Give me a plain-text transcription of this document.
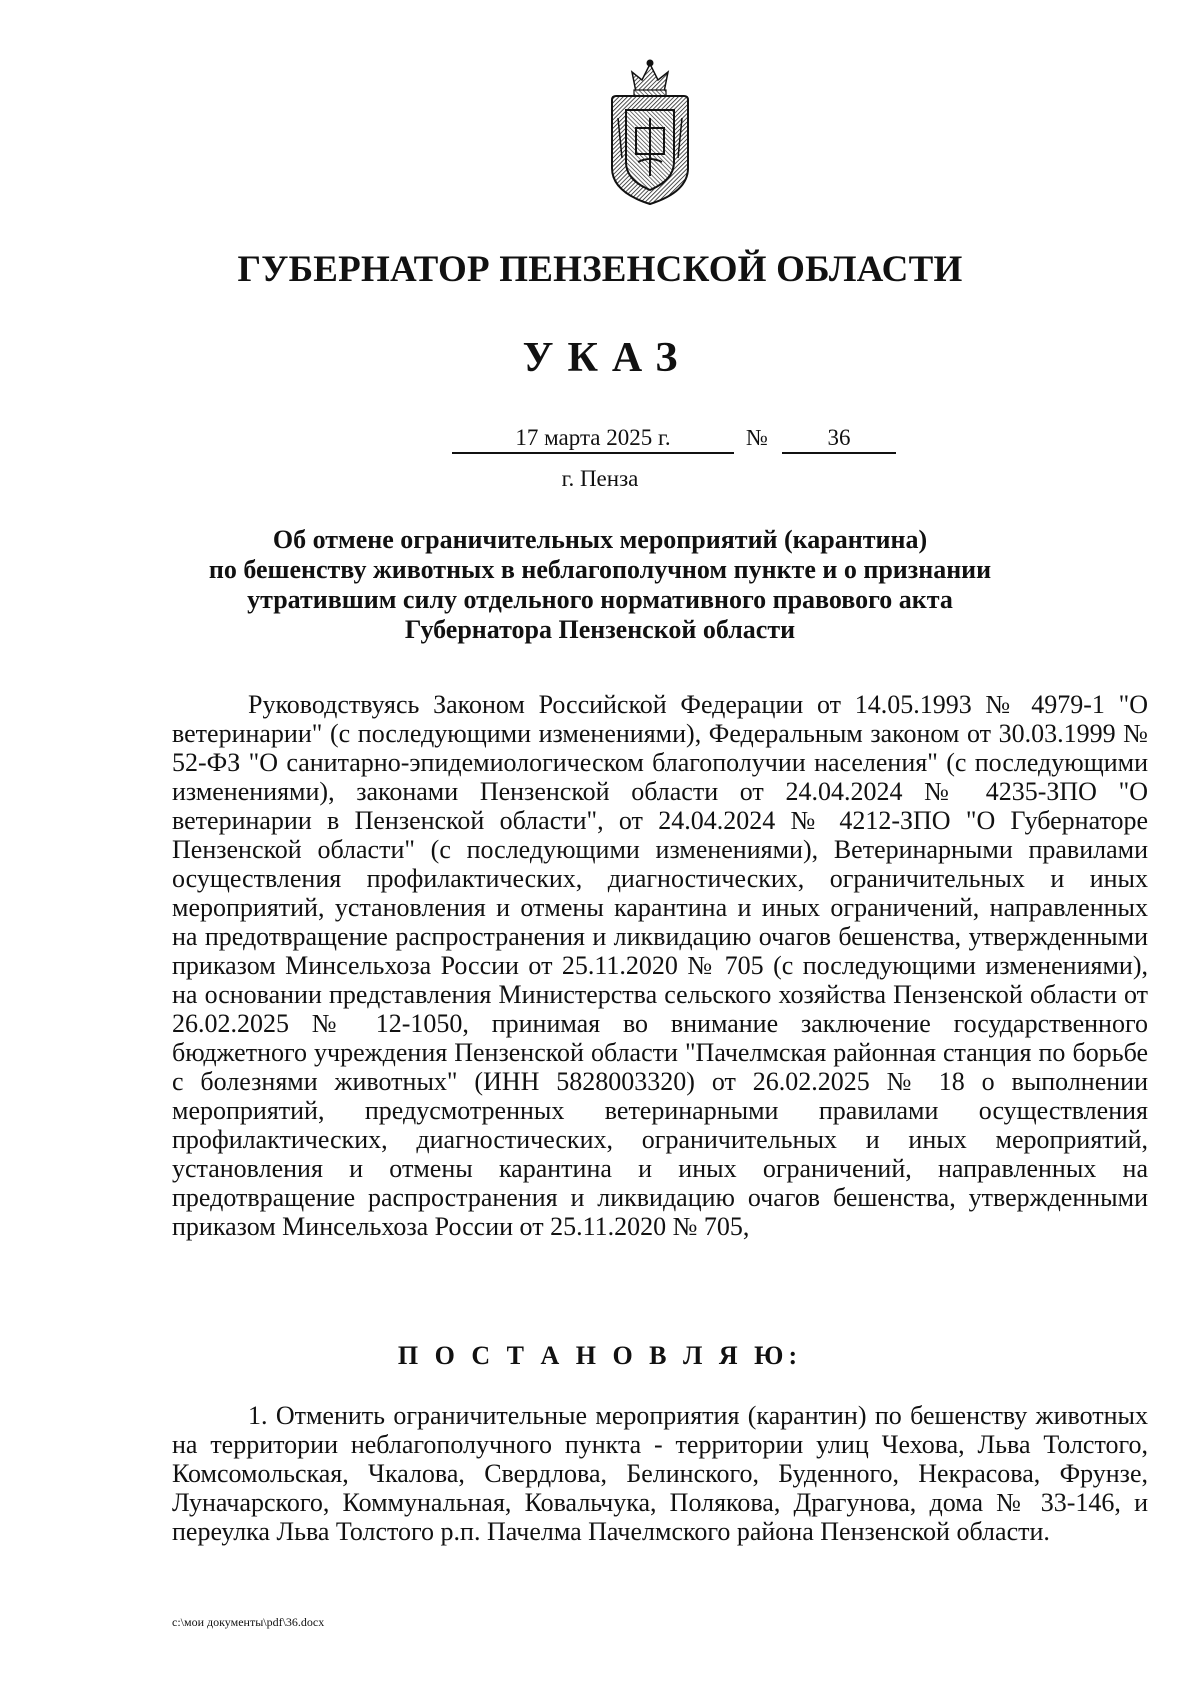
ГУБЕРНАТОР ПЕНЗЕНСКОЙ ОБЛАСТИ
УКАЗ
17 марта 2025 г.	№	36
г. Пенза
Об отмене ограничительных мероприятий (карантина)
по бешенству животных в неблагополучном пункте и о признании
утратившим силу отдельного нормативного правового акта
Губернатора Пензенской области

Руководствуясь Законом Российской Федерации от 14.05.1993 № 4979-1 "О ветеринарии" (с последующими изменениями), Федеральным законом от 30.03.1999 № 52-ФЗ "О санитарно-эпидемиологическом благополучии населения" (с последующими изменениями), законами Пензенской области от 24.04.2024 № 4235-ЗПО "О ветеринарии в Пензенской области", от 24.04.2024 № 4212-ЗПО "О Губернаторе Пензенской области" (с последующими изменениями), Ветеринарными правилами осуществления профилактических, диагностических, ограничительных и иных мероприятий, установления и отмены карантина и иных ограничений, направленных на предотвращение распространения и ликвидацию очагов бешенства, утвержденными приказом Минсельхоза России от 25.11.2020 № 705 (с последующими изменениями), на основании представления Министерства сельского хозяйства Пензенской области от 26.02.2025 № 12-1050, принимая во внимание заключение государственного бюджетного учреждения Пензенской области "Пачелмская районная станция по борьбе с болезнями животных" (ИНН 5828003320) от 26.02.2025 № 18 о выполнении мероприятий, предусмотренных ветеринарными правилами осуществления профилактических, диагностических, ограничительных и иных мероприятий, установления и отмены карантина и иных ограничений, направленных на предотвращение распространения и ликвидацию очагов бешенства, утвержденными приказом Минсельхоза России от 25.11.2020 № 705,

П О С Т А Н О В Л Я Ю:

1. Отменить ограничительные мероприятия (карантин) по бешенству животных на территории неблагополучного пункта - территории улиц Чехова, Льва Толстого, Комсомольская, Чкалова, Свердлова, Белинского, Буденного, Некрасова, Фрунзе, Луначарского, Коммунальная, Ковальчука, Полякова, Драгунова, дома № 33-146, и переулка Льва Толстого р.п. Пачелма Пачелмского района Пензенской области.

c:\мои документы\pdf\36.docx
